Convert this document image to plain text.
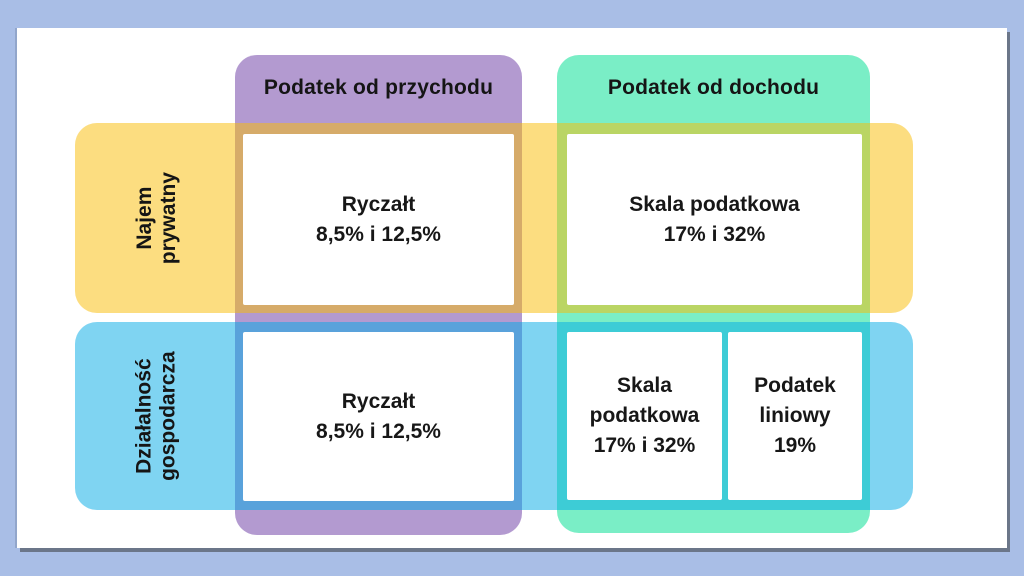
Podatek od przychodu	Podatek od dochodu
Najem prywatny
Działalność gospodarcza
Ryczałt
8,5% i 12,5%
Skala podatkowa
17% i 32%
Ryczałt
8,5% i 12,5%
Skala
podatkowa
17% i 32%
Podatek
liniowy
19%
